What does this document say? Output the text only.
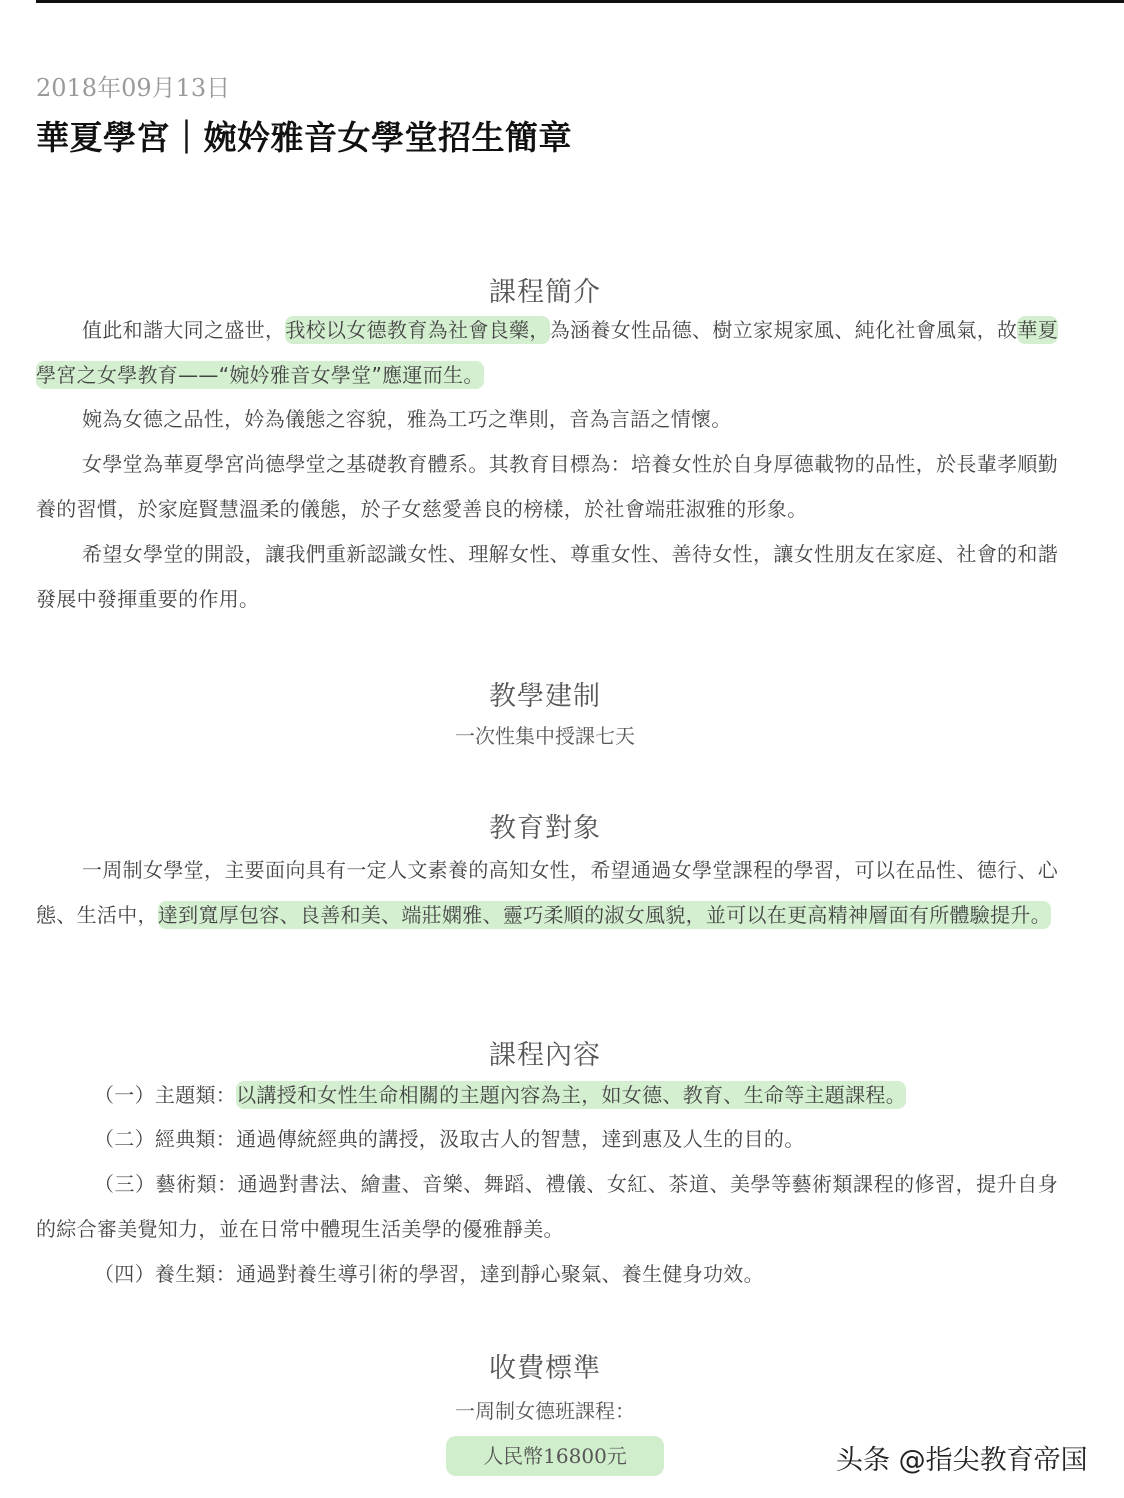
2018年09月13日
華夏學宮｜婉妗雅音女學堂招生簡章
課程簡介
值此和諧大同之盛世，我校以女德教育為社會良藥，為涵養女性品德、樹立家規家風、純化社會風氣，故華夏學宮之女學教育——“婉妗雅音女學堂”應運而生。
婉為女德之品性，妗為儀態之容貌，雅為工巧之準則，音為言語之情懷。
女學堂為華夏學宮尚德學堂之基礎教育體系。其教育目標為：培養女性於自身厚德載物的品性，於長輩孝順勤養的習慣，於家庭賢慧溫柔的儀態，於子女慈愛善良的榜樣，於社會端莊淑雅的形象。
希望女學堂的開設，讓我們重新認識女性、理解女性、尊重女性、善待女性，讓女性朋友在家庭、社會的和諧發展中發揮重要的作用。
教學建制
一次性集中授課七天
教育對象
一周制女學堂，主要面向具有一定人文素養的高知女性，希望通過女學堂課程的學習，可以在品性、德行、心態、生活中，達到寬厚包容、良善和美、端莊嫻雅、靈巧柔順的淑女風貌，並可以在更高精神層面有所體驗提升。
課程內容
（一）主題類：以講授和女性生命相關的主題內容為主，如女德、教育、生命等主題課程。
（二）經典類：通過傳統經典的講授，汲取古人的智慧，達到惠及人生的目的。
（三）藝術類：通過對書法、繪畫、音樂、舞蹈、禮儀、女紅、茶道、美學等藝術類課程的修習，提升自身的綜合審美覺知力，並在日常中體現生活美學的優雅靜美。
（四）養生類：通過對養生導引術的學習，達到靜心聚氣、養生健身功效。
收費標準
一周制女德班課程：
人民幣16800元	头条 @指尖教育帝国
